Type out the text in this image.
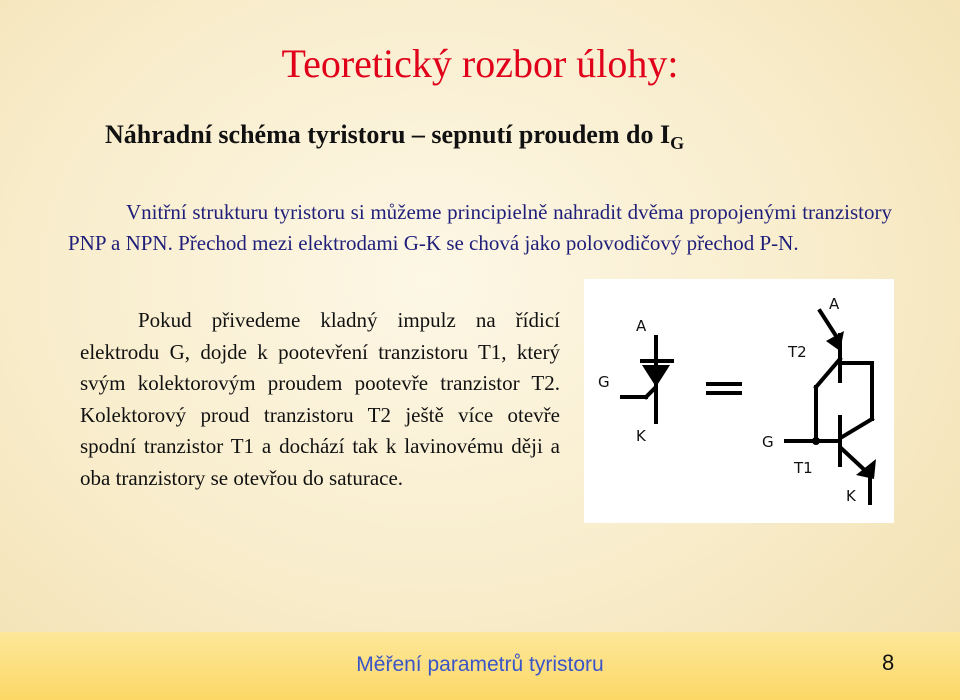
Teoretický rozbor úlohy:
Náhradní schéma tyristoru – sepnutí proudem do $I_G$
Vnitřní strukturu tyristoru si můžeme principielně nahradit dvěma propojenými tranzistory PNP a NPN. Přechod mezi elektrodami G-K se chová jako polovodičový přechod P-N.
Pokud přivedeme kladný impulz na řídicí elektrodu G, dojde k pootevření tranzistoru T1, který svým kolektorovým proudem pootevře tranzistor T2. Kolektorový proud tranzistoru T2 ještě více otevře spodní tranzistor T1 a dochází tak k lavinovému ději a oba tranzistory se otevřou do saturace.
A
G
K
A
T2
G
T1
K
Měření parametrů tyristoru	8
